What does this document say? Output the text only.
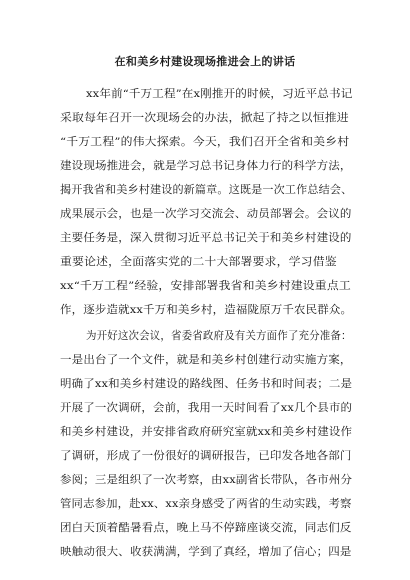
在和美乡村建设现场推进会上的讲话
xx年前“千万工程”在x刚推开的时候，习近平总书记
采取每年召开一次现场会的办法，掀起了持之以恒推进
“千万工程”的伟大探索。今天，我们召开全省和美乡村
建设现场推进会，就是学习总书记身体力行的科学方法，
揭开我省和美乡村建设的新篇章。这既是一次工作总结会、
成果展示会，也是一次学习交流会、动员部署会。会议的
主要任务是，深入贯彻习近平总书记关于和美乡村建设的
重要论述，全面落实党的二十大部署要求，学习借鉴
xx“千万工程”经验，安排部署我省和美乡村建设重点工
作，逐步造就xx千万和美乡村，造福陇原万千农民群众。
为开好这次会议，省委省政府及有关方面作了充分准备：
一是出台了一个文件，就是和美乡村创建行动实施方案，
明确了xx和美乡村建设的路线图、任务书和时间表；二是
开展了一次调研，会前，我用一天时间看了xx几个县市的
和美乡村建设，并安排省政府研究室就xx和美乡村建设作
了调研，形成了一份很好的调研报告，已印发各地各部门
参阅；三是组织了一次考察，由xx副省长带队，各市州分
管同志参加，赴xx、xx亲身感受了两省的生动实践，考察
团白天顶着酷暑看点，晚上马不停蹄座谈交流，同志们反
映触动很大、收获满满，学到了真经，增加了信心；四是
